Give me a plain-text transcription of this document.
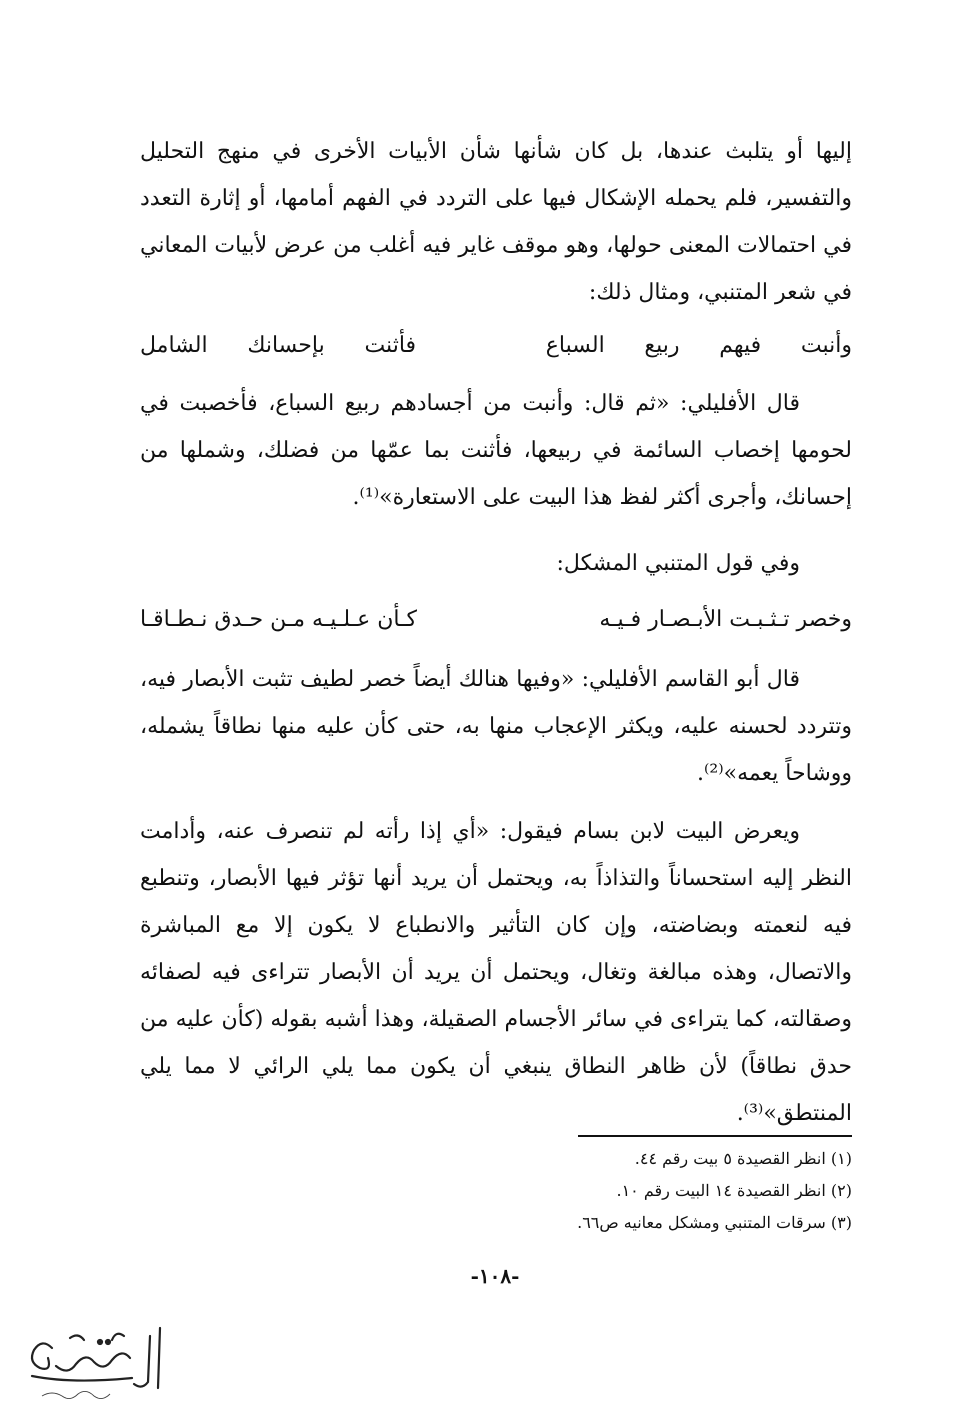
إليها أو يتلبث عندها، بل كان شأنها شأن الأبيات الأخرى في منهج التحليل والتفسير، فلم يحمله الإشكال فيها على التردد في الفهم أمامها، أو إثارة التعدد في احتمالات المعنى حولها، وهو موقف غاير فيه أغلب من عرض لأبيات المعاني في شعر المتنبي، ومثال ذلك:

وأنبت
فيهم
ربيع
السباع
فأثنت
بإحسانك
الشامل

قال الأفليلي: «ثم قال: وأنبت من أجسادهم ربيع السباع، فأخصبت في لحومها إخصاب السائمة في ربيعها، فأثنت بما عمّها من فضلك، وشملها من إحسانك، وأجرى أكثر لفظ هذا البيت على الاستعارة»⁽¹⁾.

وفي قول المتنبي المشكل:

وخصر تـثـبـت الأبـصـار فـيـه
كـأن عـلـيـه مـن حـدق نـطـاقـا

قال أبو القاسم الأفليلي: «وفيها هنالك أيضاً خصر لطيف تثبت الأبصار فيه، وتتردد لحسنه عليه، ويكثر الإعجاب منها به، حتى كأن عليه منها نطاقاً يشمله، ووشاحاً يعمه»⁽²⁾.

ويعرض البيت لابن بسام فيقول: «أي إذا رأته لم تنصرف عنه، وأدامت النظر إليه استحساناً والتذاذاً به، ويحتمل أن يريد أنها تؤثر فيها الأبصار، وتنطبع فيه لنعمته وبضاضته، وإن كان التأثير والانطباع لا يكون إلا مع المباشرة والاتصال، وهذه مبالغة وتغال، ويحتمل أن يريد أن الأبصار تتراءى فيه لصفائه وصقالته، كما يتراءى في سائر الأجسام الصقيلة، وهذا أشبه بقوله (كأن عليه من حدق نطاقاً) لأن ظاهر النطاق ينبغي أن يكون مما يلي الرائي لا مما يلي المنتطق»⁽³⁾.

(١) انظر القصيدة ٥ بيت رقم ٤٤.
(٢) انظر القصيدة ١٤ البيت رقم ١٠.
(٣) سرقات المتنبي ومشكل معانيه ص٦٦.
-١٠٨-
